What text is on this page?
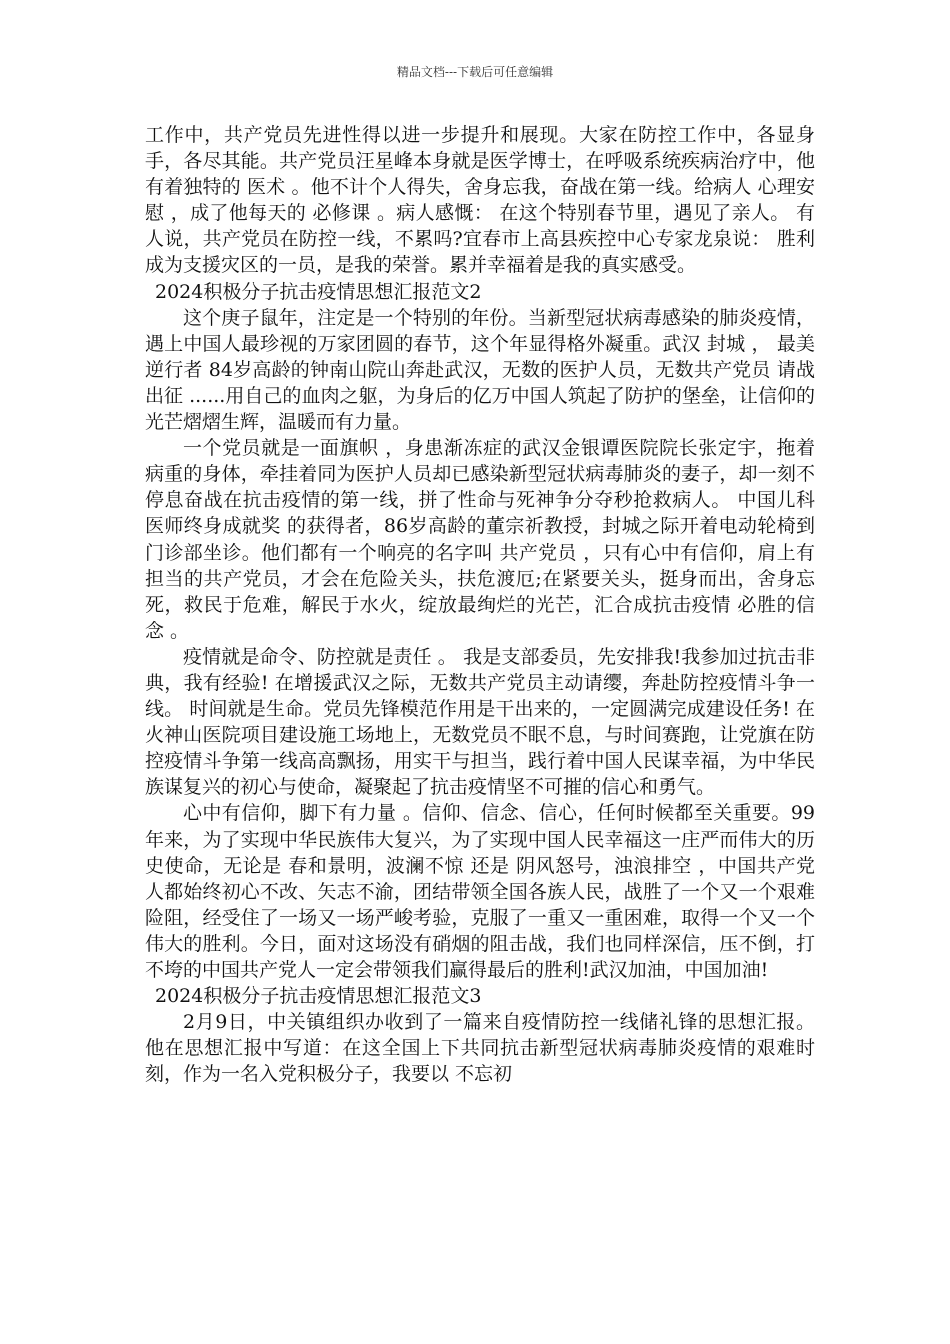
精品文档---下载后可任意编辑

工作中，共产党员先进性得以进一步提升和展现。大家在防控工作中，各显身手，各尽其能。共产党员汪星峰本身就是医学博士，在呼吸系统疾病治疗中，他有着独特的 医术 。他不计个人得失，舍身忘我，奋战在第一线。给病人 心理安慰 ，成了他每天的 必修课 。病人感慨： 在这个特别春节里，遇见了亲人。 有人说，共产党员在防控一线，不累吗?宜春市上高县疾控中心专家龙泉说： 胜利成为支援灾区的一员，是我的荣誉。累并幸福着是我的真实感受。

2024积极分子抗击疫情思想汇报范文2

这个庚子鼠年，注定是一个特别的年份。当新型冠状病毒感染的肺炎疫情，遇上中国人最珍视的万家团圆的春节，这个年显得格外凝重。武汉 封城 ， 最美逆行者 84岁高龄的钟南山院山奔赴武汉，无数的医护人员，无数共产党员 请战出征 ......用自己的血肉之躯，为身后的亿万中国人筑起了防护的堡垒，让信仰的光芒熠熠生辉，温暖而有力量。

一个党员就是一面旗帜 ，身患渐冻症的武汉金银谭医院院长张定宇，拖着病重的身体，牵挂着同为医护人员却已感染新型冠状病毒肺炎的妻子，却一刻不停息奋战在抗击疫情的第一线，拼了性命与死神争分夺秒抢救病人。 中国儿科医师终身成就奖 的获得者，86岁高龄的董宗祈教授，封城之际开着电动轮椅到门诊部坐诊。他们都有一个响亮的名字叫 共产党员 ，只有心中有信仰，肩上有担当的共产党员，才会在危险关头，扶危渡厄;在紧要关头，挺身而出，舍身忘死，救民于危难，解民于水火，绽放最绚烂的光芒，汇合成抗击疫情 必胜的信念 。

疫情就是命令、防控就是责任 。 我是支部委员，先安排我!我参加过抗击非典，我有经验! 在增援武汉之际，无数共产党员主动请缨，奔赴防控疫情斗争一线。 时间就是生命。党员先锋模范作用是干出来的，一定圆满完成建设任务! 在火神山医院项目建设施工场地上，无数党员不眠不息，与时间赛跑，让党旗在防控疫情斗争第一线高高飘扬，用实干与担当，践行着中国人民谋幸福，为中华民族谋复兴的初心与使命，凝聚起了抗击疫情坚不可摧的信心和勇气。

心中有信仰，脚下有力量 。信仰、信念、信心，任何时候都至关重要。99年来，为了实现中华民族伟大复兴，为了实现中国人民幸福这一庄严而伟大的历史使命，无论是 春和景明，波澜不惊 还是 阴风怒号，浊浪排空 ，中国共产党人都始终初心不改、矢志不渝，团结带领全国各族人民，战胜了一个又一个艰难险阻，经受住了一场又一场严峻考验，克服了一重又一重困难，取得一个又一个伟大的胜利。今日，面对这场没有硝烟的阻击战，我们也同样深信，压不倒，打不垮的中国共产党人一定会带领我们赢得最后的胜利!武汉加油，中国加油!

2024积极分子抗击疫情思想汇报范文3

2月9日，中关镇组织办收到了一篇来自疫情防控一线储礼锋的思想汇报。他在思想汇报中写道：在这全国上下共同抗击新型冠状病毒肺炎疫情的艰难时刻，作为一名入党积极分子，我要以 不忘初
